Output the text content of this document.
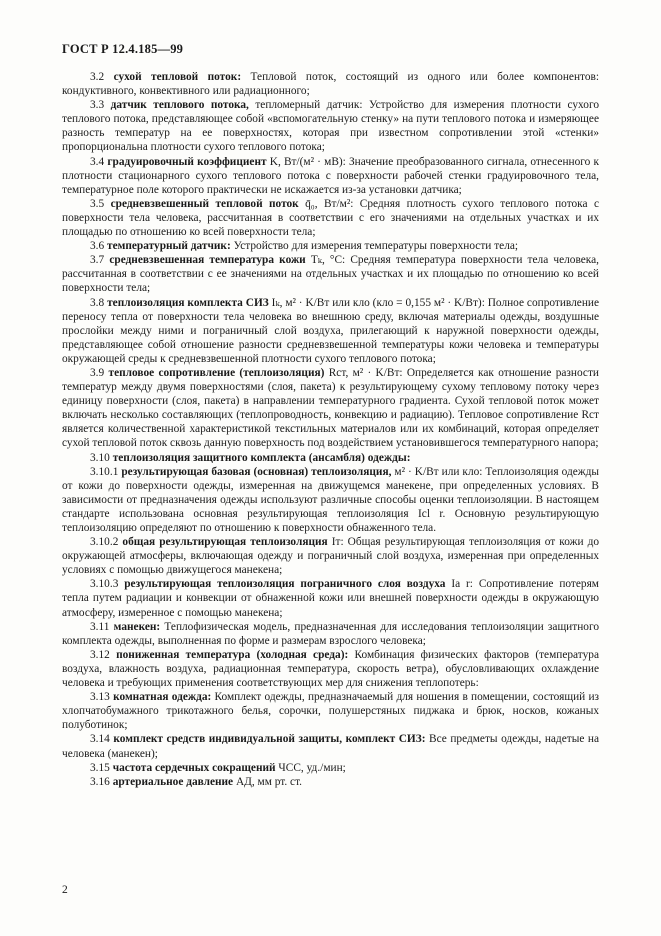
ГОСТ Р 12.4.185—99

3.2 сухой тепловой поток: Тепловой поток, состоящий из одного или более компонентов: кондуктивного, конвективного или радиационного;

3.3 датчик теплового потока, тепломерный датчик: Устройство для измерения плотности сухого теплового потока, представляющее собой «вспомогательную стенку» на пути теплового потока и измеряющее разность температур на ее поверхностях, которая при известном сопротивлении этой «стенки» пропорциональна плотности сухого теплового потока;

3.4 градуировочный коэффициент K, Вт/(м² · мВ): Значение преобразованного сигнала, отнесенного к плотности стационарного сухого теплового потока с поверхности рабочей стенки градуировочного тела, температурное поле которого практически не искажается из-за установки датчика;

3.5 средневзвешенный тепловой поток q̄₀, Вт/м²: Средняя плотность сухого теплового потока с поверхности тела человека, рассчитанная в соответствии с его значениями на отдельных участках и их площадью по отношению ко всей поверхности тела;

3.6 температурный датчик: Устройство для измерения температуры поверхности тела;

3.7 средневзвешенная температура кожи Tₖ, °С: Средняя температура поверхности тела человека, рассчитанная в соответствии с ее значениями на отдельных участках и их площадью по отношению ко всей поверхности тела;

3.8 теплоизоляция комплекта СИЗ Iₖ, м² · K/Вт или кло (кло = 0,155 м² · K/Вт): Полное сопротивление переносу тепла от поверхности тела человека во внешнюю среду, включая материалы одежды, воздушные прослойки между ними и пограничный слой воздуха, прилегающий к наружной поверхности одежды, представляющее собой отношение разности средневзвешенной температуры кожи человека и температуры окружающей среды к средневзвешенной плотности сухого теплового потока;

3.9 тепловое сопротивление (теплоизоляция) Rcт, м² · K/Вт: Определяется как отношение разности температур между двумя поверхностями (слоя, пакета) к результирующему сухому тепловому потоку через единицу поверхности (слоя, пакета) в направлении температурного градиента. Сухой тепловой поток может включать несколько составляющих (теплопроводность, конвекцию и радиацию). Тепловое сопротивление Rcт является количественной характеристикой текстильных материалов или их комбинаций, которая определяет сухой тепловой поток сквозь данную поверхность под воздействием установившегося температурного напора;

3.10 теплоизоляция защитного комплекта (ансамбля) одежды:

3.10.1 результирующая базовая (основная) теплоизоляция, м² · K/Вт или кло: Теплоизоляция одежды от кожи до поверхности одежды, измеренная на движущемся манекене, при определенных условиях. В зависимости от предназначения одежды используют различные способы оценки теплоизоляции. В настоящем стандарте использована основная результирующая теплоизоляция Icl r. Основную результирующую теплоизоляцию определяют по отношению к поверхности обнаженного тела.

3.10.2 общая результирующая теплоизоляция Iт: Общая результирующая теплоизоляция от кожи до окружающей атмосферы, включающая одежду и пограничный слой воздуха, измеренная при определенных условиях с помощью движущегося манекена;

3.10.3 результирующая теплоизоляция пограничного слоя воздуха Ia r: Сопротивление потерям тепла путем радиации и конвекции от обнаженной кожи или внешней поверхности одежды в окружающую атмосферу, измеренное с помощью манекена;

3.11 манекен: Теплофизическая модель, предназначенная для исследования теплоизоляции защитного комплекта одежды, выполненная по форме и размерам взрослого человека;

3.12 пониженная температура (холодная среда): Комбинация физических факторов (температура воздуха, влажность воздуха, радиационная температура, скорость ветра), обусловливающих охлаждение человека и требующих применения соответствующих мер для снижения теплопотерь:

3.13 комнатная одежда: Комплект одежды, предназначаемый для ношения в помещении, состоящий из хлопчатобумажного трикотажного белья, сорочки, полушерстяных пиджака и брюк, носков, кожаных полуботинок;

3.14 комплект средств индивидуальной защиты, комплект СИЗ: Все предметы одежды, надетые на человека (манекен);

3.15 частота сердечных сокращений ЧСС, уд./мин;

3.16 артериальное давление АД, мм рт. ст.

2
